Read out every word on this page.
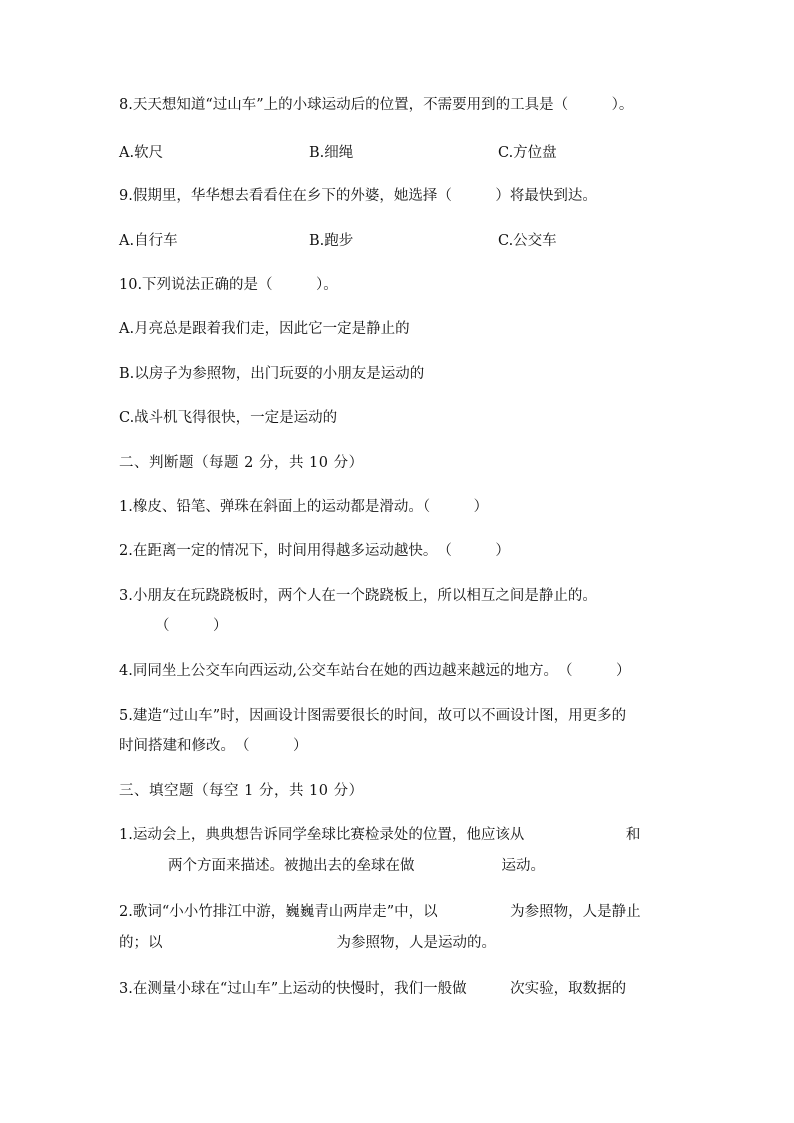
8.天天想知道“过山车”上的小球运动后的位置，不需要用到的工具是（　　　）。
A.软尺	B.细绳	C.方位盘
9.假期里，华华想去看看住在乡下的外婆，她选择（　　　）将最快到达。
A.自行车	B.跑步	C.公交车
10.下列说法正确的是（　　　）。
A.月亮总是跟着我们走，因此它一定是静止的
B.以房子为参照物，出门玩耍的小朋友是运动的
C.战斗机飞得很快，一定是运动的
二、判断题（每题 2 分，共 10 分）
1.橡皮、铅笔、弹珠在斜面上的运动都是滑动。（　　　）
2.在距离一定的情况下，时间用得越多运动越快。　（　　　）
3.小朋友在玩跷跷板时，两个人在一个跷跷板上，所以相互之间是静止的。
（　　　）
4.同同坐上公交车向西运动,公交车站台在她的西边越来越远的地方。　（　　　）
5.建造“过山车”时，因画设计图需要很长的时间，故可以不画设计图，用更多的
时间搭建和修改。　（　　　）
三、填空题（每空 1 分，共 10 分）
1.运动会上，典典想告诉同学垒球比赛检录处的位置，他应该从　　　　　　　和
两个方面来描述。被抛出去的垒球在做　　　　　　运动。
2.歌词“小小竹排江中游，巍巍青山两岸走”中，以　　　　　为参照物，人是静止
的；以　　　　　　　　　　　　为参照物，人是运动的。
3.在测量小球在“过山车”上运动的快慢时，我们一般做　　　次实验，取数据的
